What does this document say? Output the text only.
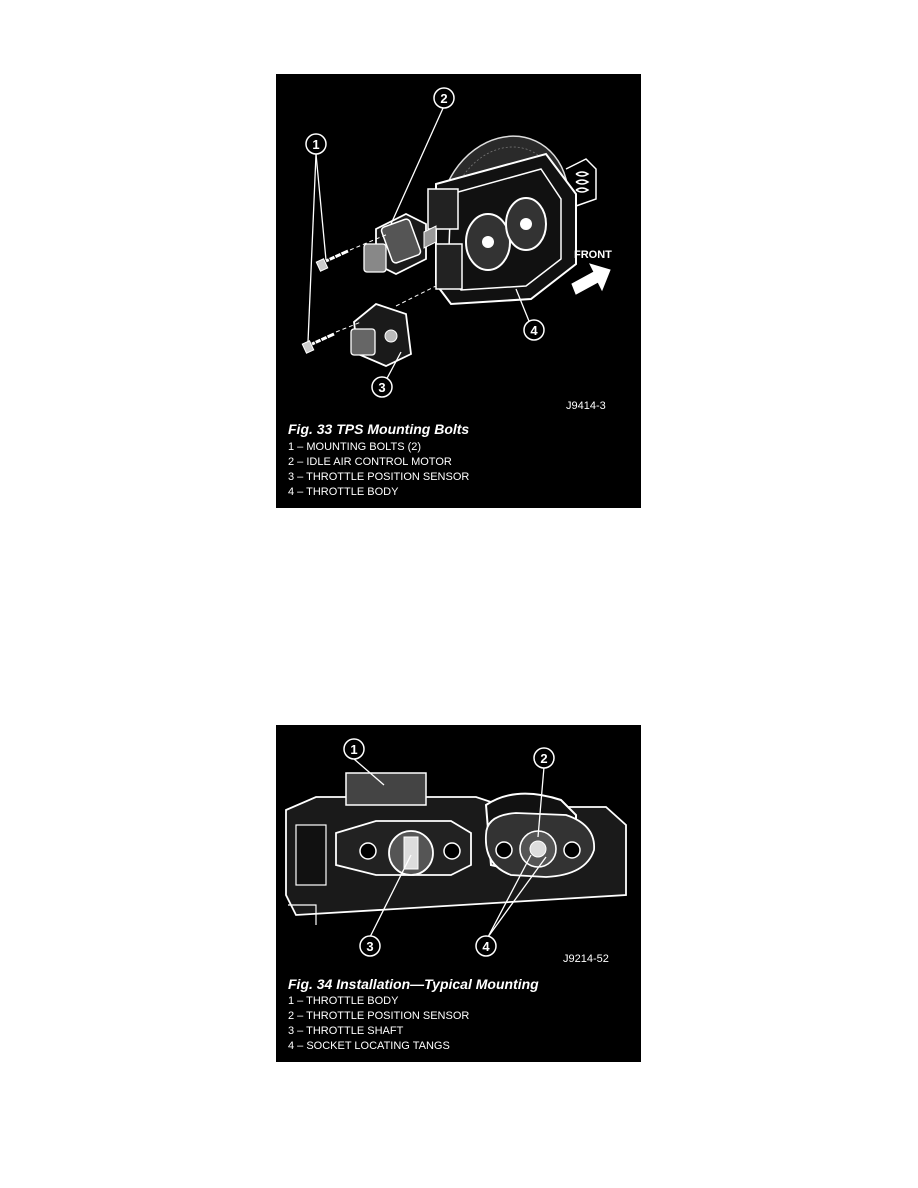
FRONT
1
2
3
4
J9414-3
Fig. 33 TPS Mounting Bolts
1 – MOUNTING BOLTS (2)
2 – IDLE AIR CONTROL MOTOR
3 – THROTTLE POSITION SENSOR
4 – THROTTLE BODY
1
2
3	4
J9214-52
Fig. 34 Installation—Typical Mounting
1 – THROTTLE BODY
2 – THROTTLE POSITION SENSOR
3 – THROTTLE SHAFT
4 – SOCKET LOCATING TANGS
